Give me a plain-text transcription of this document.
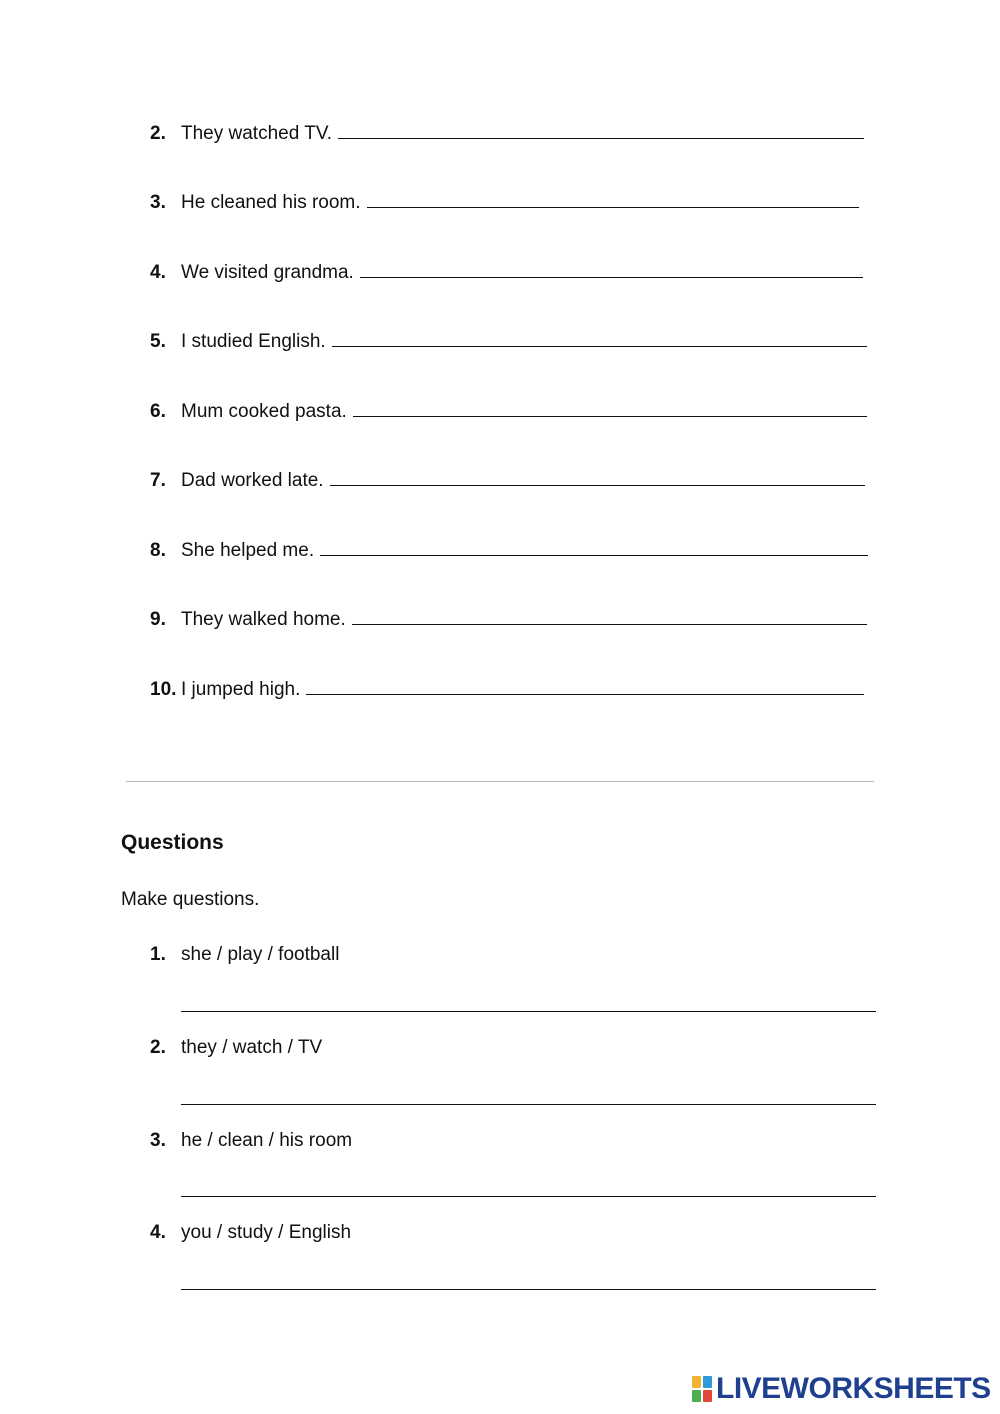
2. They watched TV.
3. He cleaned his room.
4. We visited grandma.
5. I studied English.
6. Mum cooked pasta.
7. Dad worked late.
8. She helped me.
9. They walked home.
10. I jumped high.
Questions
Make questions.
1. she / play / football
2. they / watch / TV
3. he / clean / his room
4. you / study / English
LIVEWORKSHEETS
